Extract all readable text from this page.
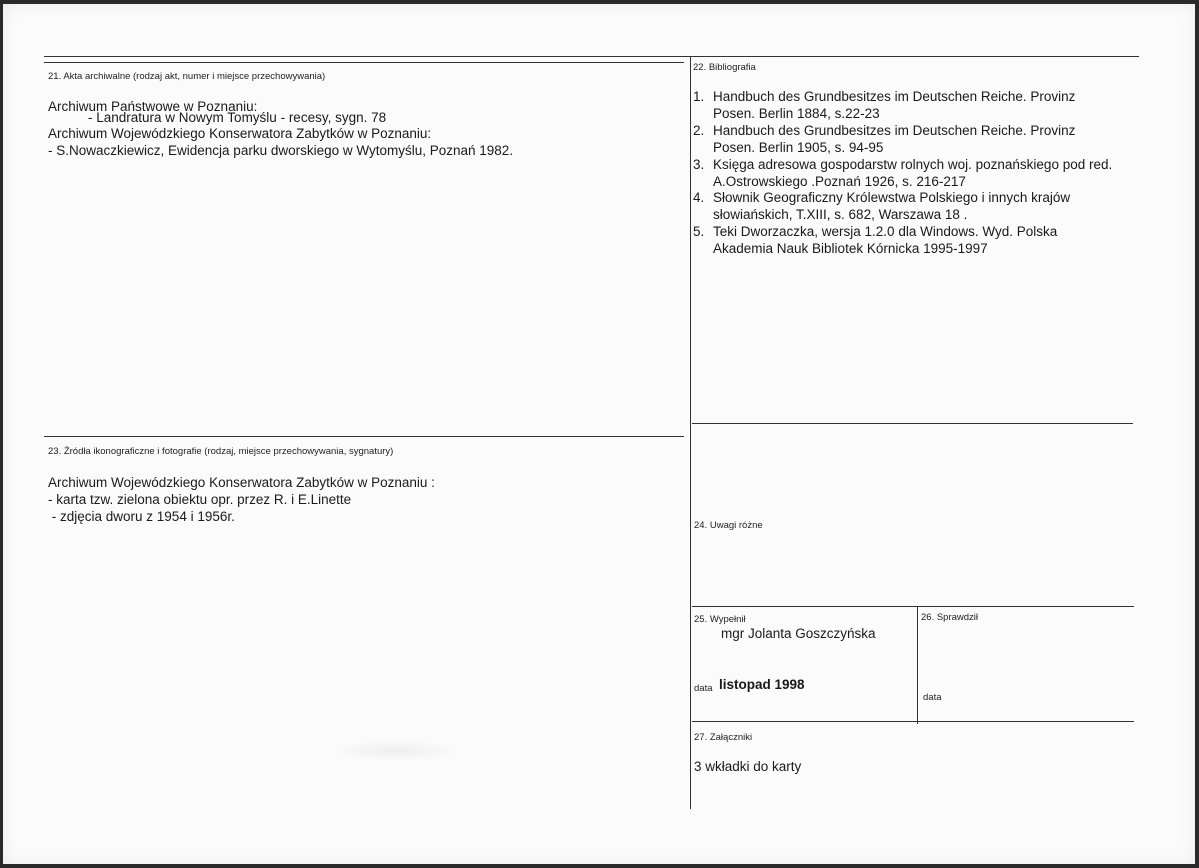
21. Akta archiwalne (rodzaj akt, numer i miejsce przechowywania)
Archiwum Państwowe w Poznaniu:
- Landratura w Nowym Tomyślu - recesy, sygn. 78
Archiwum Wojewódzkiego Konserwatora Zabytków w Poznaniu:
- S.Nowaczkiewicz, Ewidencja parku dworskiego w Wytomyślu, Poznań 1982.
22. Bibliografia
1. Handbuch des Grundbesitzes im Deutschen Reiche. Provinz
Posen. Berlin 1884, s.22-23
2. Handbuch des Grundbesitzes im Deutschen Reiche. Provinz
Posen. Berlin 1905, s. 94-95
3. Księga adresowa gospodarstw rolnych woj. poznańskiego pod red.
A.Ostrowskiego .Poznań 1926, s. 216-217
4. Słownik Geograficzny Królewstwa Polskiego i innych krajów
słowiańskich, T.XIII, s. 682, Warszawa 18 .
5. Teki Dworzaczka, wersja 1.2.0 dla Windows. Wyd. Polska
Akademia Nauk Bibliotek Kórnicka 1995-1997
23. Źródła ikonograficzne i fotografie (rodzaj, miejsce przechowywania, sygnatury)
Archiwum Wojewódzkiego Konserwatora Zabytków w Poznaniu :
- karta tzw. zielona obiektu opr. przez R. i E.Linette
- zdjęcia dworu z 1954 i 1956r.
24. Uwagi różne
25. Wypełnił
mgr Jolanta Goszczyńska
data listopad 1998
26. Sprawdził
data
27. Załączniki
3 wkładki do karty
